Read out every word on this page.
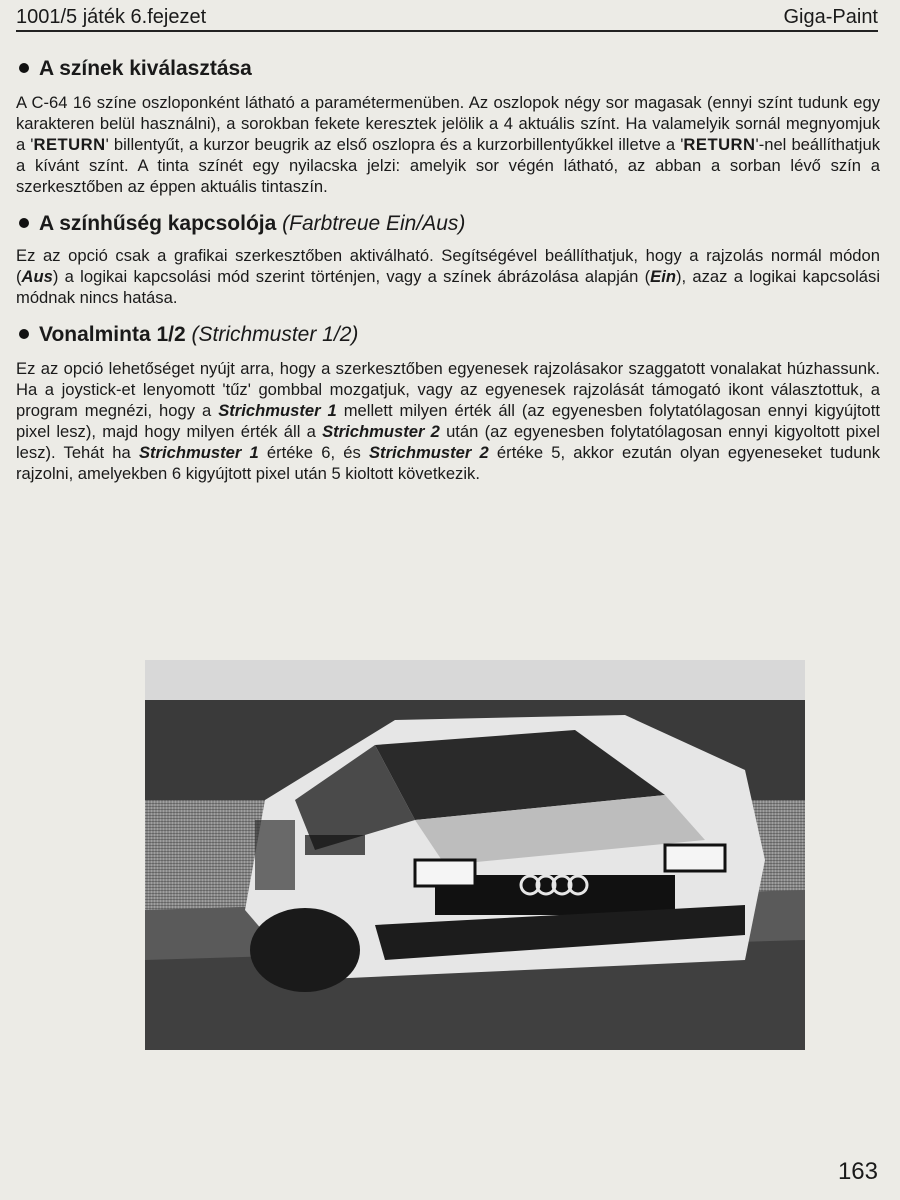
1001/5 játék 6.fejezet	Giga-Paint
A színek kiválasztása

A C-64 16 színe oszloponként látható a paramétermenüben. Az oszlopok négy sor magasak (ennyi színt tudunk egy karakteren belül használni), a sorokban fekete keresztek jelölik a 4 aktuális színt. Ha valamelyik sornál megnyomjuk a 'RETURN' billentyűt, a kurzor beugrik az első oszlopra és a kurzorbillentyűkkel illetve a 'RETURN'-nel beállíthatjuk a kívánt színt. A tinta színét egy nyilacska jelzi: amelyik sor végén látható, az abban a sorban lévő szín a szerkesztőben az éppen aktuális tintaszín.

A színhűség kapcsolója (Farbtreue Ein/Aus)

Ez az opció csak a grafikai szerkesztőben aktiválható. Segítségével beállíthatjuk, hogy a rajzolás normál módon (Aus) a logikai kapcsolási mód szerint történjen, vagy a színek ábrázolása alapján (Ein), azaz a logikai kapcsolási módnak nincs hatása.

Vonalminta 1/2 (Strichmuster 1/2)

Ez az opció lehetőséget nyújt arra, hogy a szerkesztőben egyenesek rajzolásakor szaggatott vonalakat húzhassunk. Ha a joystick-et lenyomott 'tűz' gombbal mozgatjuk, vagy az egyenesek rajzolását támogató ikont választottuk, a program megnézi, hogy a Strichmuster 1 mellett milyen érték áll (az egyenesben folytatólagosan ennyi kigyújtott pixel lesz), majd hogy milyen érték áll a Strichmuster 2 után (az egyenesben folytatólagosan ennyi kigyoltott pixel lesz). Tehát ha Strichmuster 1 értéke 6, és Strichmuster 2 értéke 5, akkor ezután olyan egyeneseket tudunk rajzolni, amelyekben 6 kigyújtott pixel után 5 kioltott következik.

163
